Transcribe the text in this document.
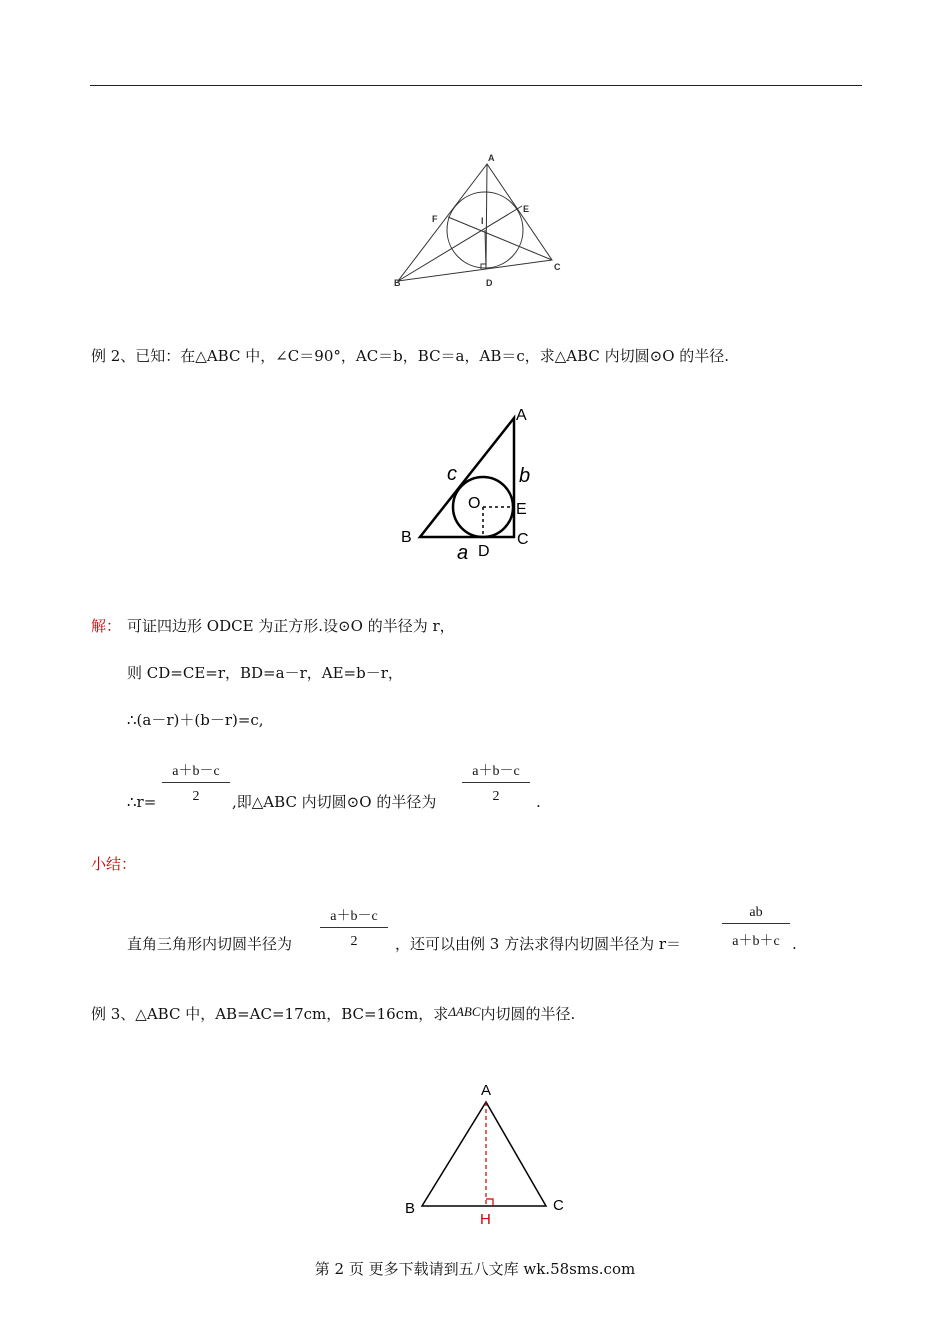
A
B
C
D
E
F	I
例 2、已知：在△ABC 中，∠C＝90°，AC＝b，BC＝a，AB＝c，求△ABC 内切圆⊙O 的半径.
A
B	C
D
E
O
c	b
a
解： 可证四边形 ODCE 为正方形.设⊙O 的半径为 r，
则 CD=CE=r，BD=a－r，AE=b－r，
∴(a－r)＋(b－r)=c,
∴r=
a＋b－c
2	,即△ABC 内切圆⊙O 的半径为
a＋b－c
2	.
小结：
直角三角形内切圆半径为
a＋b－c
2	，还可以由例 3 方法求得内切圆半径为 r＝
ab
a＋b＋c .
例 3、△ABC 中，AB=AC=17cm，BC=16cm，求ΔABC内切圆的半径.
A
B	C
H
第 2 页 更多下载请到五八文库 wk.58sms.com
